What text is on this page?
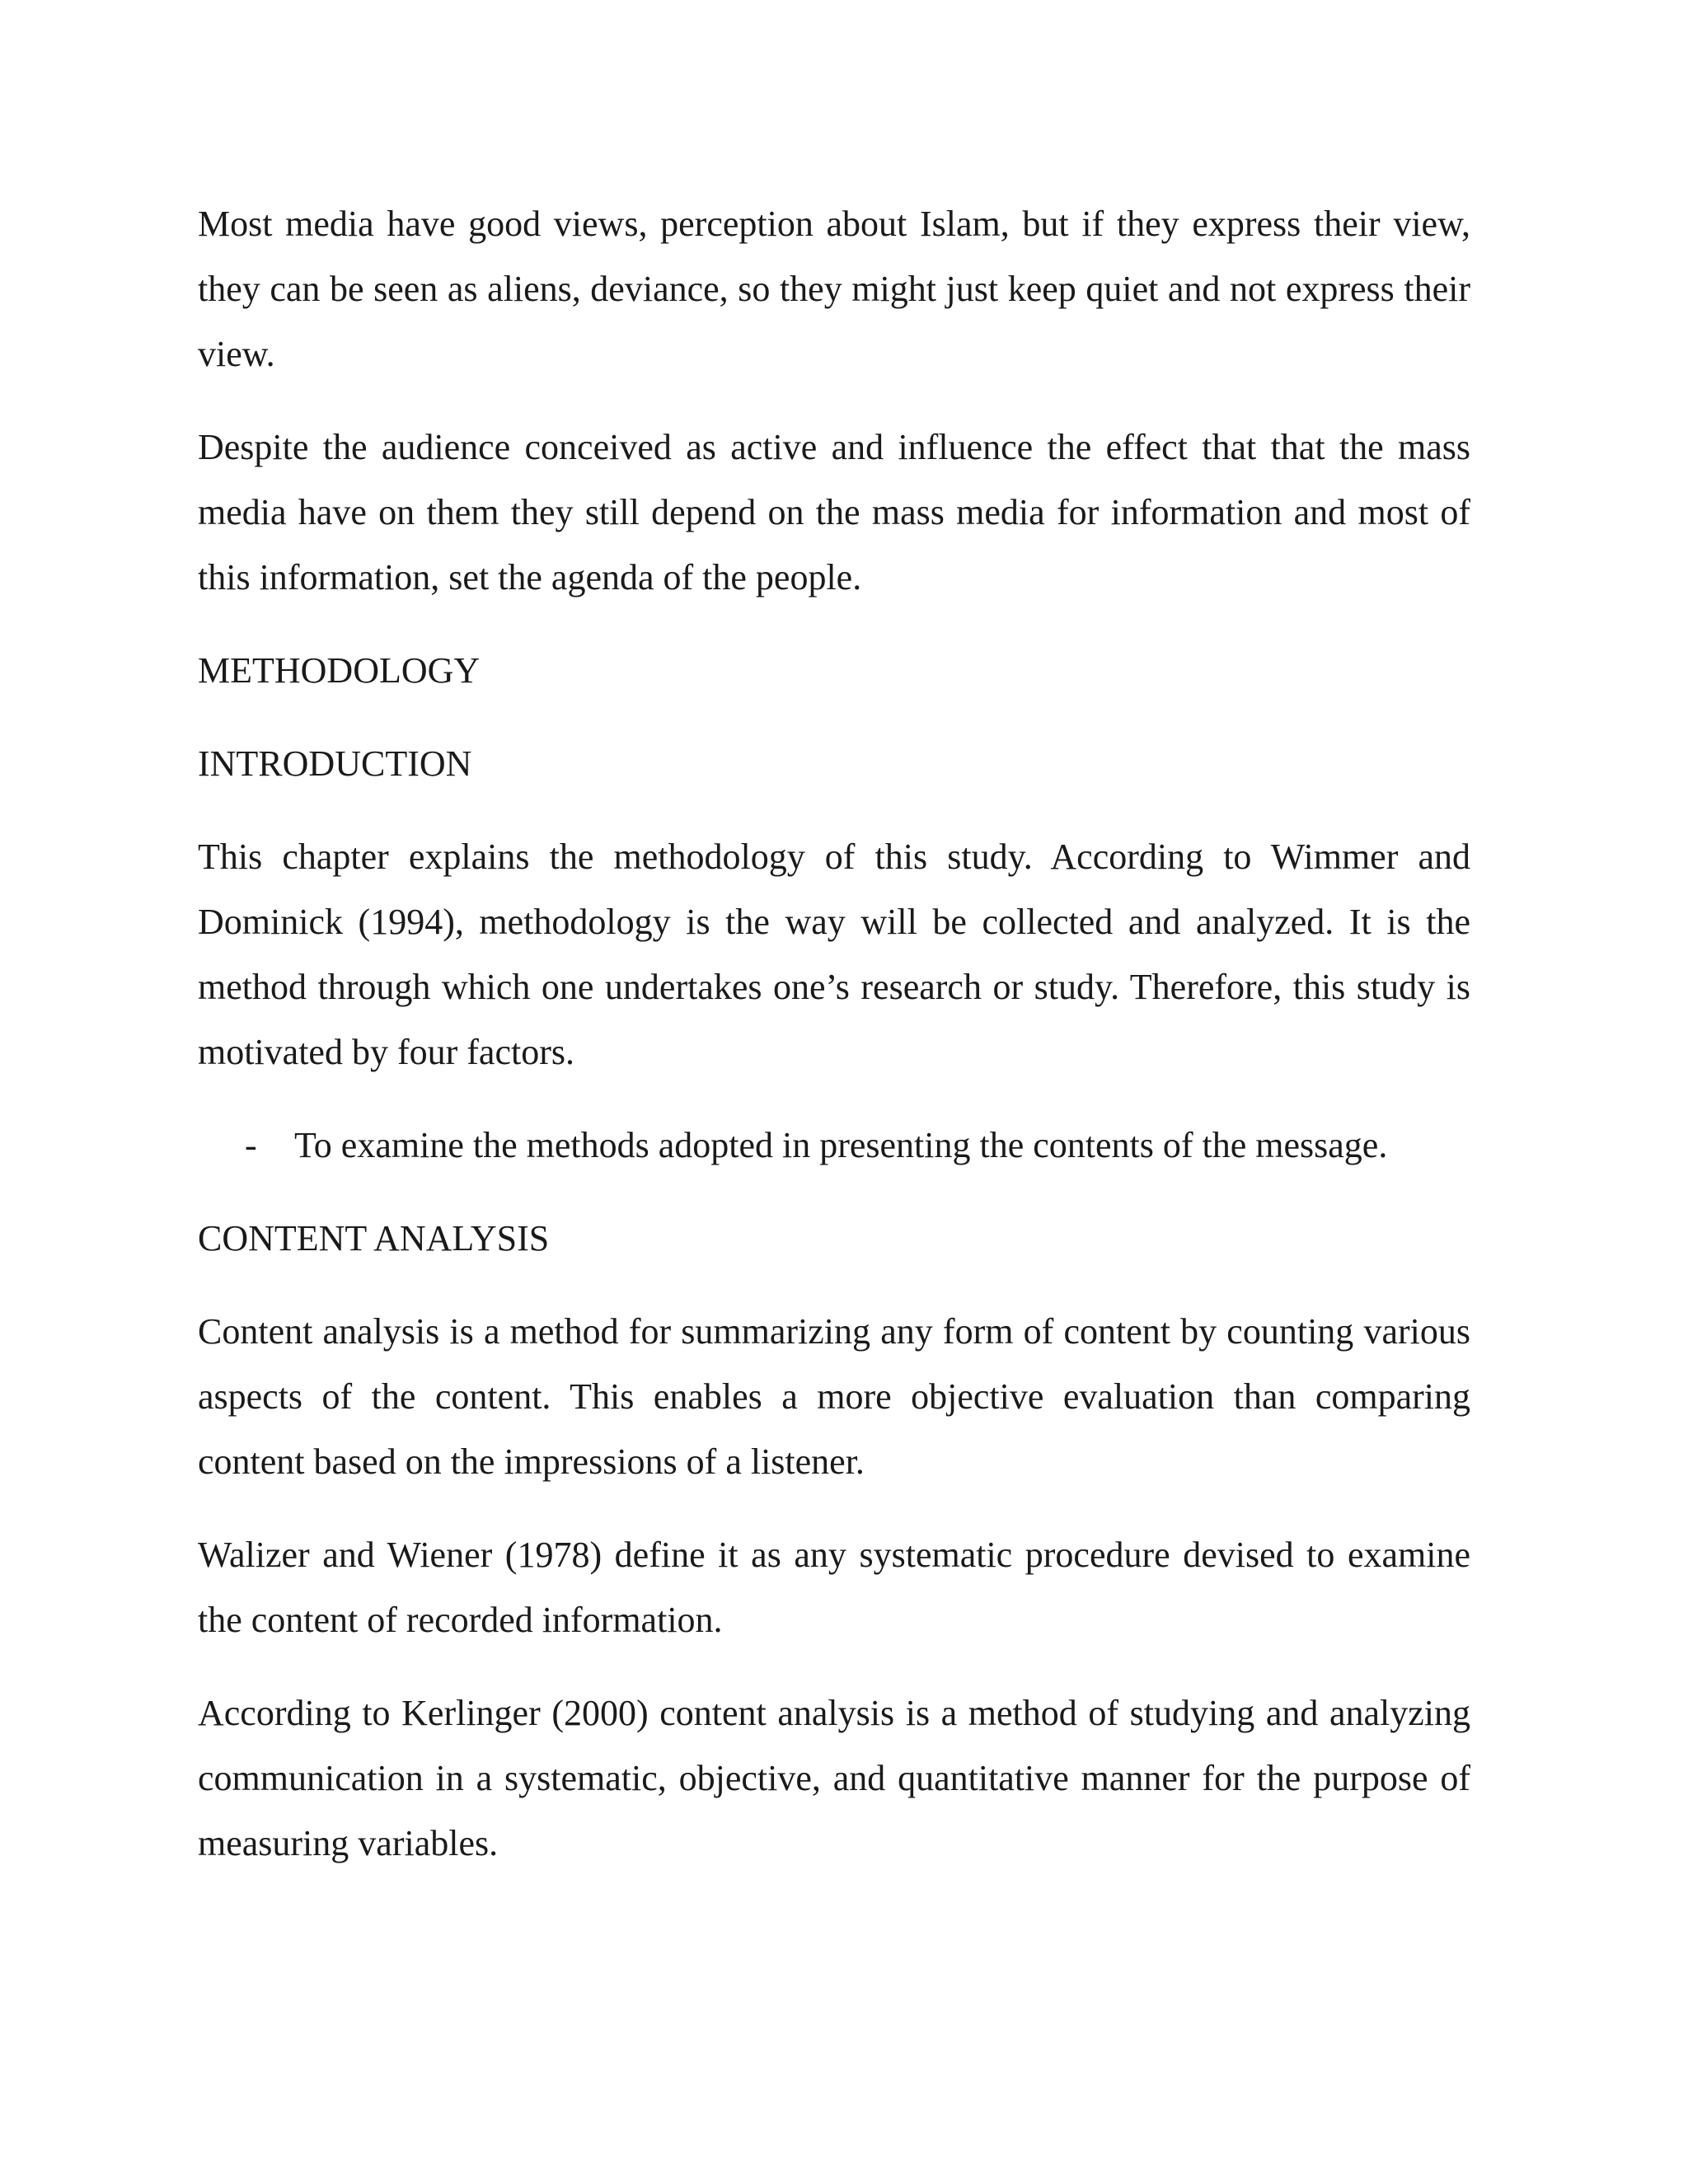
Most media have good views, perception about Islam, but if they express their view, they can be seen as aliens, deviance, so they might just keep quiet and not express their view.

Despite the audience conceived as active and influence the effect that that the mass media have on them they still depend on the mass media for information and most of this information, set the agenda of the people.

METHODOLOGY
INTRODUCTION

This chapter explains the methodology of this study. According to Wimmer and Dominick (1994), methodology is the way will be collected and analyzed. It is the method through which one undertakes one’s research or study. Therefore, this study is motivated by four factors.

-	To examine the methods adopted in presenting the contents of the message.
CONTENT ANALYSIS

Content analysis is a method for summarizing any form of content by counting various aspects of the content. This enables a more objective evaluation than comparing content based on the impressions of a listener.

Walizer and Wiener (1978) define it as any systematic procedure devised to examine the content of recorded information.

According to Kerlinger (2000) content analysis is a method of studying and analyzing communication in a systematic, objective, and quantitative manner for the purpose of measuring variables.
